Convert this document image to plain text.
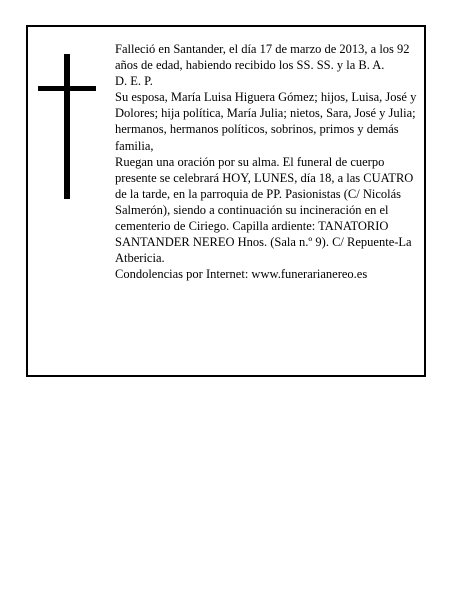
Falleció en Santander, el día 17 de marzo de 2013, a los 92 años de edad, habiendo recibido los SS. SS. y la B. A.

D. E. P.

Su esposa, María Luisa Higuera Gómez; hijos, Luisa, José y Dolores; hija política, María Julia; nietos, Sara, José y Julia; hermanos, hermanos políticos, sobrinos, primos y demás familia,

Ruegan una oración por su alma. El funeral de cuerpo presente se celebrará HOY, LUNES, día 18, a las CUATRO de la tarde, en la parroquia de PP. Pasionistas (C/ Nicolás Salmerón), siendo a continuación su incineración en el cementerio de Ciriego. Capilla ardiente: TANATORIO SANTANDER NEREO Hnos. (Sala n.º 9). C/ Repuente-La Atbericia.

Condolencias por Internet: www.funerarianereo.es
